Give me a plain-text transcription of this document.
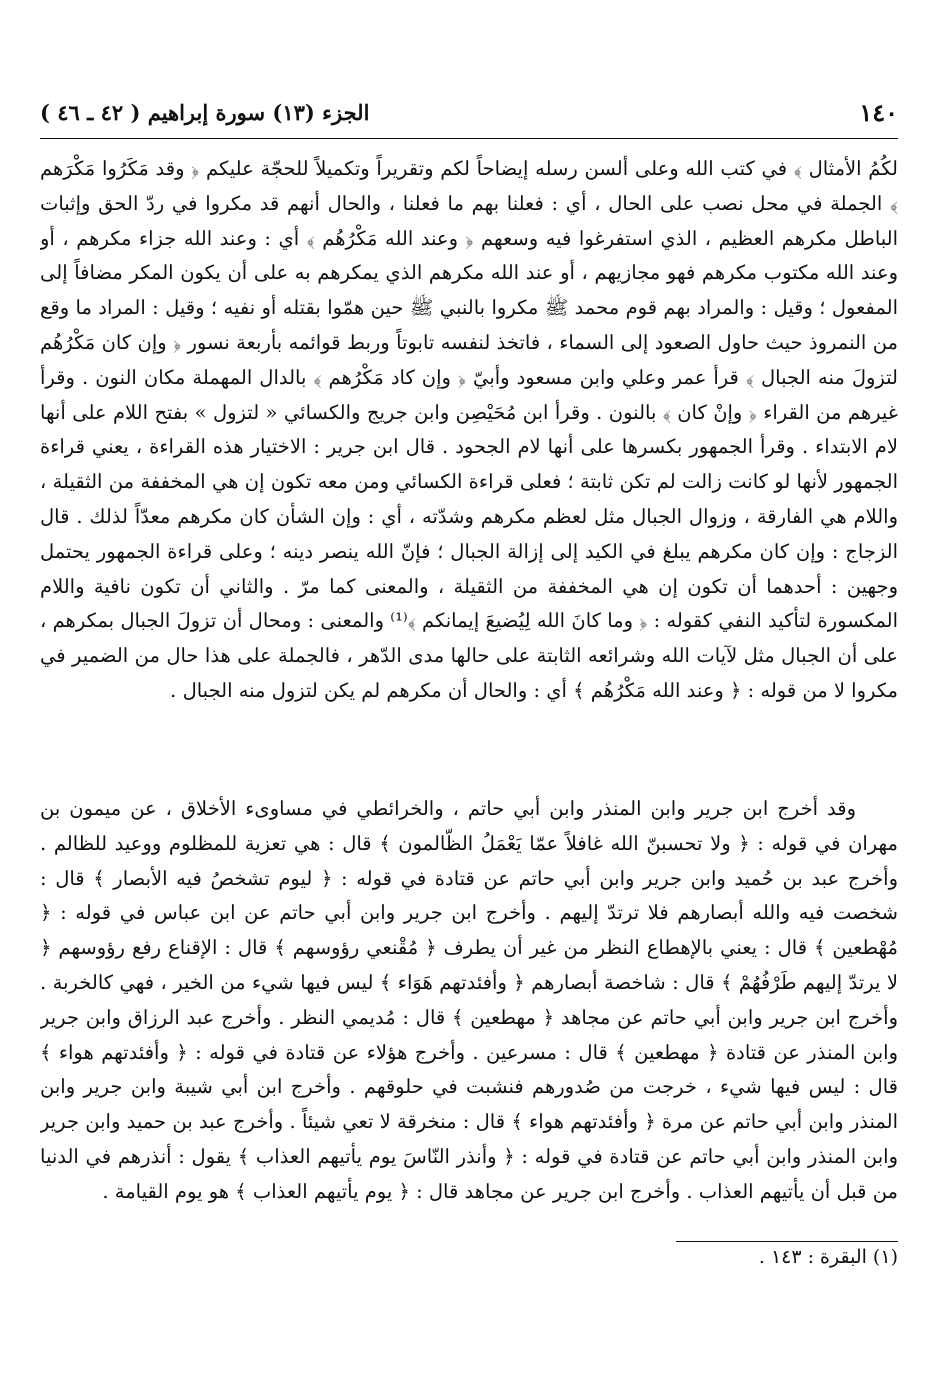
١٤٠
الجزء (١٣) سورة إبراهيم ( ٤٢ ـ ٤٦ )

لكُمُ الأمثال ﴾ في كتب الله وعلى ألسن رسله إيضاحاً لكم وتقريراً وتكميلاً للحجّة عليكم ﴿ وقد مَكَرُوا مَكْرَهم ﴾ الجملة في محل نصب على الحال ، أي : فعلنا بهم ما فعلنا ، والحال أنهم قد مكروا في ردّ الحق وإثبات الباطل مكرهم العظيم ، الذي استفرغوا فيه وسعهم ﴿ وعند الله مَكْرُهُم ﴾ أي : وعند الله جزاء مكرهم ، أو وعند الله مكتوب مكرهم فهو مجازيهم ، أو عند الله مكرهم الذي يمكرهم به على أن يكون المكر مضافاً إلى المفعول ؛ وقيل : والمراد بهم قوم محمد ﷺ مكروا بالنبي ﷺ حين همّوا بقتله أو نفيه ؛ وقيل : المراد ما وقع من النمروذ حيث حاول الصعود إلى السماء ، فاتخذ لنفسه تابوتاً وربط قوائمه بأربعة نسور ﴿ وإن كان مَكْرُهُم لتزولَ منه الجبال ﴾ قرأ عمر وعلي وابن مسعود وأبيّ ﴿ وإن كاد مَكْرُهم ﴾ بالدال المهملة مكان النون . وقرأ غيرهم من القراء ﴿ وإنْ كان ﴾ بالنون . وقرأ ابن مُحَيْصِن وابن جريج والكسائي « لتزول » بفتح اللام على أنها لام الابتداء . وقرأ الجمهور بكسرها على أنها لام الجحود . قال ابن جرير : الاختيار هذه القراءة ، يعني قراءة الجمهور لأنها لو كانت زالت لم تكن ثابتة ؛ فعلى قراءة الكسائي ومن معه تكون إن هي المخففة من الثقيلة ، واللام هي الفارقة ، وزوال الجبال مثل لعظم مكرهم وشدّته ، أي : وإن الشأن كان مكرهم معدّاً لذلك . قال الزجاج : وإن كان مكرهم يبلغ في الكيد إلى إزالة الجبال ؛ فإنّ الله ينصر دينه ؛ وعلى قراءة الجمهور يحتمل وجهين : أحدهما أن تكون إن هي المخففة من الثقيلة ، والمعنى كما مرّ . والثاني أن تكون نافية واللام المكسورة لتأكيد النفي كقوله : ﴿ وما كانَ الله لِيُضيعَ إيمانكم ﴾⁽¹⁾ والمعنى : ومحال أن تزولَ الجبال بمكرهم ، على أن الجبال مثل لآيات الله وشرائعه الثابتة على حالها مدى الدّهر ، فالجملة على هذا حال من الضمير في مكروا لا من قوله : ﴿ وعند الله مَكْرُهُم ﴾ أي : والحال أن مكرهم لم يكن لتزول منه الجبال .

وقد أخرج ابن جرير وابن المنذر وابن أبي حاتم ، والخرائطي في مساوىء الأخلاق ، عن ميمون بن مهران في قوله : ﴿ ولا تحسبنّ الله غافلاً عمّا يَعْمَلُ الظّالمون ﴾ قال : هي تعزية للمظلوم ووعيد للظالم . وأخرج عبد بن حُميد وابن جرير وابن أبي حاتم عن قتادة في قوله : ﴿ ليوم تشخصُ فيه الأبصار ﴾ قال : شخصت فيه والله أبصارهم فلا ترتدّ إليهم . وأخرج ابن جرير وابن أبي حاتم عن ابن عباس في قوله : ﴿ مُهْطعين ﴾ قال : يعني بالإهطاع النظر من غير أن يطرف ﴿ مُقْنعي رؤوسهم ﴾ قال : الإقناع رفع رؤوسهم ﴿ لا يرتدّ إليهم طَرْفُهُمْ ﴾ قال : شاخصة أبصارهم ﴿ وأفئدتهم هَوَاء ﴾ ليس فيها شيء من الخير ، فهي كالخربة . وأخرج ابن جرير وابن أبي حاتم عن مجاهد ﴿ مهطعين ﴾ قال : مُديمي النظر . وأخرج عبد الرزاق وابن جرير وابن المنذر عن قتادة ﴿ مهطعين ﴾ قال : مسرعين . وأخرج هؤلاء عن قتادة في قوله : ﴿ وأفئدتهم هواء ﴾ قال : ليس فيها شيء ، خرجت من صُدورهم فنشبت في حلوقهم . وأخرج ابن أبي شيبة وابن جرير وابن المنذر وابن أبي حاتم عن مرة ﴿ وأفئدتهم هواء ﴾ قال : منخرقة لا تعي شيئاً . وأخرج عبد بن حميد وابن جرير وابن المنذر وابن أبي حاتم عن قتادة في قوله : ﴿ وأنذر النّاسَ يوم يأتيهم العذاب ﴾ يقول : أنذرهم في الدنيا من قبل أن يأتيهم العذاب . وأخرج ابن جرير عن مجاهد قال : ﴿ يوم يأتيهم العذاب ﴾ هو يوم القيامة .

(١) البقرة : ١٤٣ .
